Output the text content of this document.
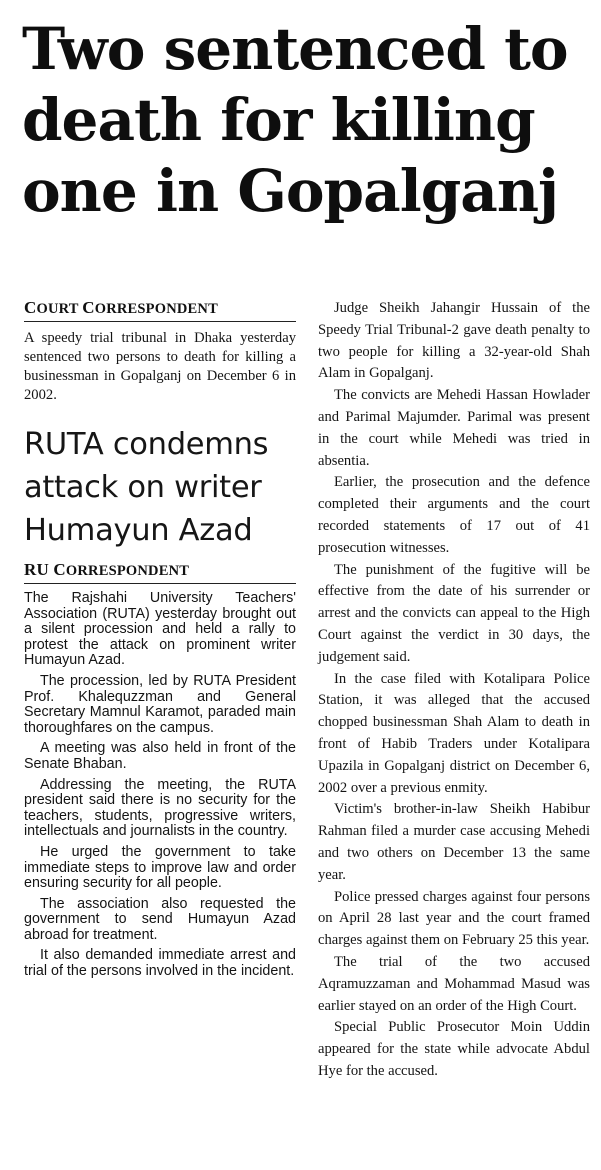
Two sentenced to death for killing one in Gopalganj
COURT CORRESPONDENT

A speedy trial tribunal in Dhaka yesterday sentenced two persons to death for killing a businessman in Gopalganj on December 6 in 2002.

RUTA condemns attack on writer Humayun Azad
RU CORRESPONDENT

The Rajshahi University Teachers' Association (RUTA) yesterday brought out a silent procession and held a rally to protest the attack on prominent writer Humayun Azad.

The procession, led by RUTA President Prof. Khalequzzman and General Secretary Mamnul Karamot, paraded main thoroughfares on the campus.

A meeting was also held in front of the Senate Bhaban.

Addressing the meeting, the RUTA president said there is no security for the teachers, students, progressive writers, intellectuals and journalists in the country.

He urged the government to take immediate steps to improve law and order ensuring security for all people.

The association also requested the government to send Humayun Azad abroad for treatment.

It also demanded immediate arrest and trial of the persons involved in the incident.

Judge Sheikh Jahangir Hussain of the Speedy Trial Tribunal-2 gave death penalty to two people for killing a 32-year-old Shah Alam in Gopalganj.

The convicts are Mehedi Hassan Howlader and Parimal Majumder. Parimal was present in the court while Mehedi was tried in absentia.

Earlier, the prosecution and the defence completed their arguments and the court recorded statements of 17 out of 41 prosecution witnesses.

The punishment of the fugitive will be effective from the date of his surrender or arrest and the convicts can appeal to the High Court against the verdict in 30 days, the judgement said.

In the case filed with Kotalipara Police Station, it was alleged that the accused chopped businessman Shah Alam to death in front of Habib Traders under Kotalipara Upazila in Gopalganj district on December 6, 2002 over a previous enmity.

Victim's brother-in-law Sheikh Habibur Rahman filed a murder case accusing Mehedi and two others on December 13 the same year.

Police pressed charges against four persons on April 28 last year and the court framed charges against them on February 25 this year.

The trial of the two accused Aqramuzzaman and Mohammad Masud was earlier stayed on an order of the High Court.

Special Public Prosecutor Moin Uddin appeared for the state while advocate Abdul Hye for the accused.
